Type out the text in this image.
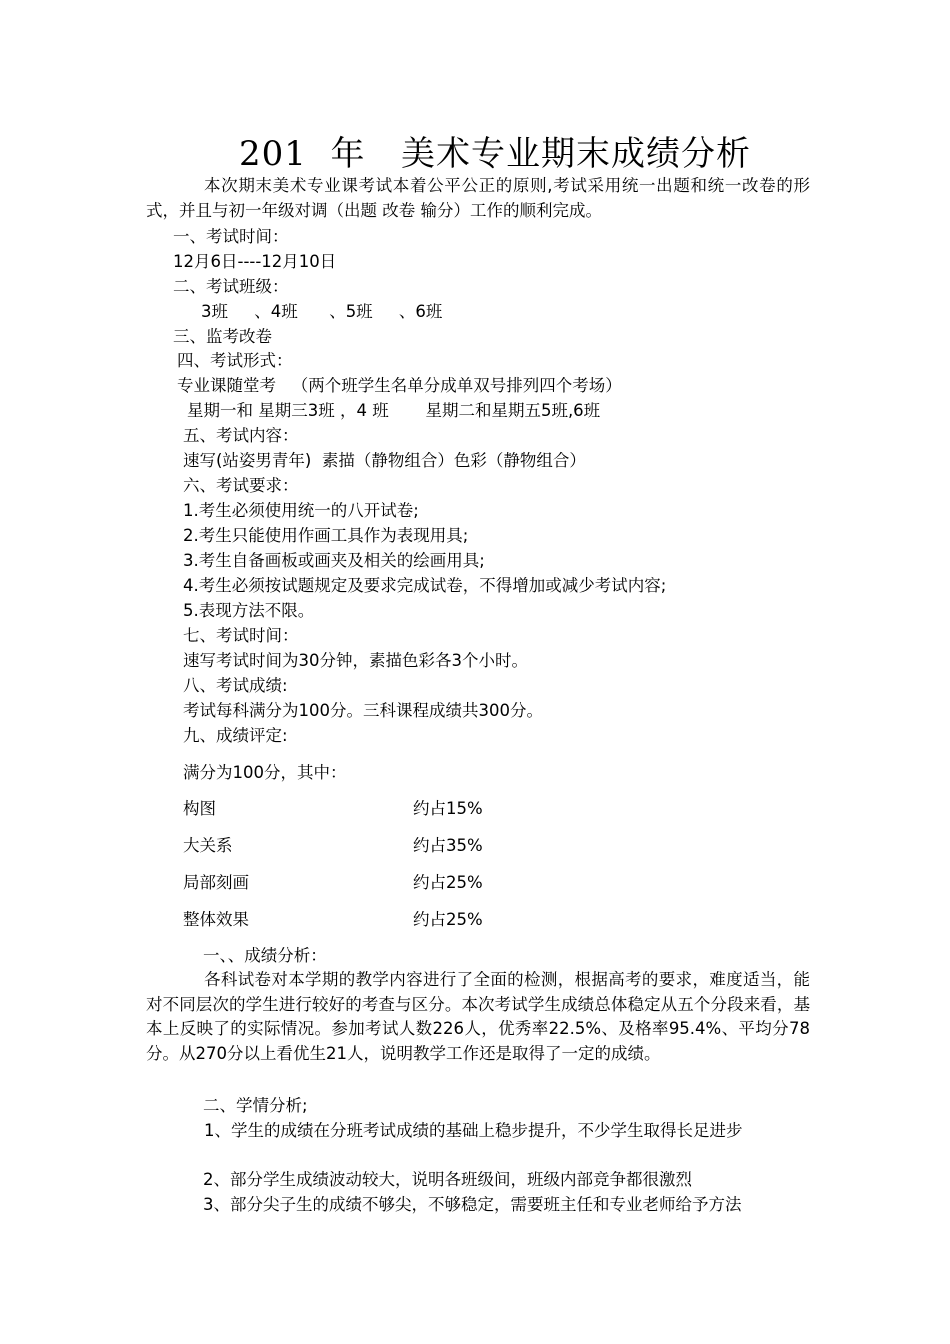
201  年   美术专业期末成绩分析
本次期末美术专业课考试本着公平公正的原则,考试采用统一出题和统一改卷的形式，并且与初一年级对调（出题 改卷 输分）工作的顺利完成。
一、考试时间：
12月6日----12月10日
二、考试班级：
3班     、4班      、5班     、6班
三、监考改卷
四、考试形式：
专业课随堂考   （两个班学生名单分成单双号排列四个考场）
星期一和 星期三3班 ，4 班       星期二和星期五5班,6班
五、考试内容：
速写(站姿男青年)  素描（静物组合）色彩（静物组合）
六、考试要求：
1.考生必须使用统一的八开试卷;
2.考生只能使用作画工具作为表现用具;
3.考生自备画板或画夹及相关的绘画用具;
4.考生必须按试题规定及要求完成试卷，不得增加或减少考试内容;
5.表现方法不限。
七、考试时间：
速写考试时间为30分钟，素描色彩各3个小时。
八、考试成绩:
考试每科满分为100分。三科课程成绩共300分。
九、成绩评定:
满分为100分，其中：
构图	约占15%
大关系	约占35%
局部刻画	约占25%
整体效果	约占25%
一、、成绩分析：
各科试卷对本学期的教学内容进行了全面的检测，根据高考的要求，难度适当，能对不同层次的学生进行较好的考查与区分。本次考试学生成绩总体稳定从五个分段来看，基本上反映了的实际情况。参加考试人数226人，优秀率22.5%、及格率95.4%、平均分78分。从270分以上看优生21人，说明教学工作还是取得了一定的成绩。
二、学情分析;
1、学生的成绩在分班考试成绩的基础上稳步提升，不少学生取得长足进步
2、部分学生成绩波动较大，说明各班级间，班级内部竞争都很激烈
3、部分尖子生的成绩不够尖，不够稳定，需要班主任和专业老师给予方法
